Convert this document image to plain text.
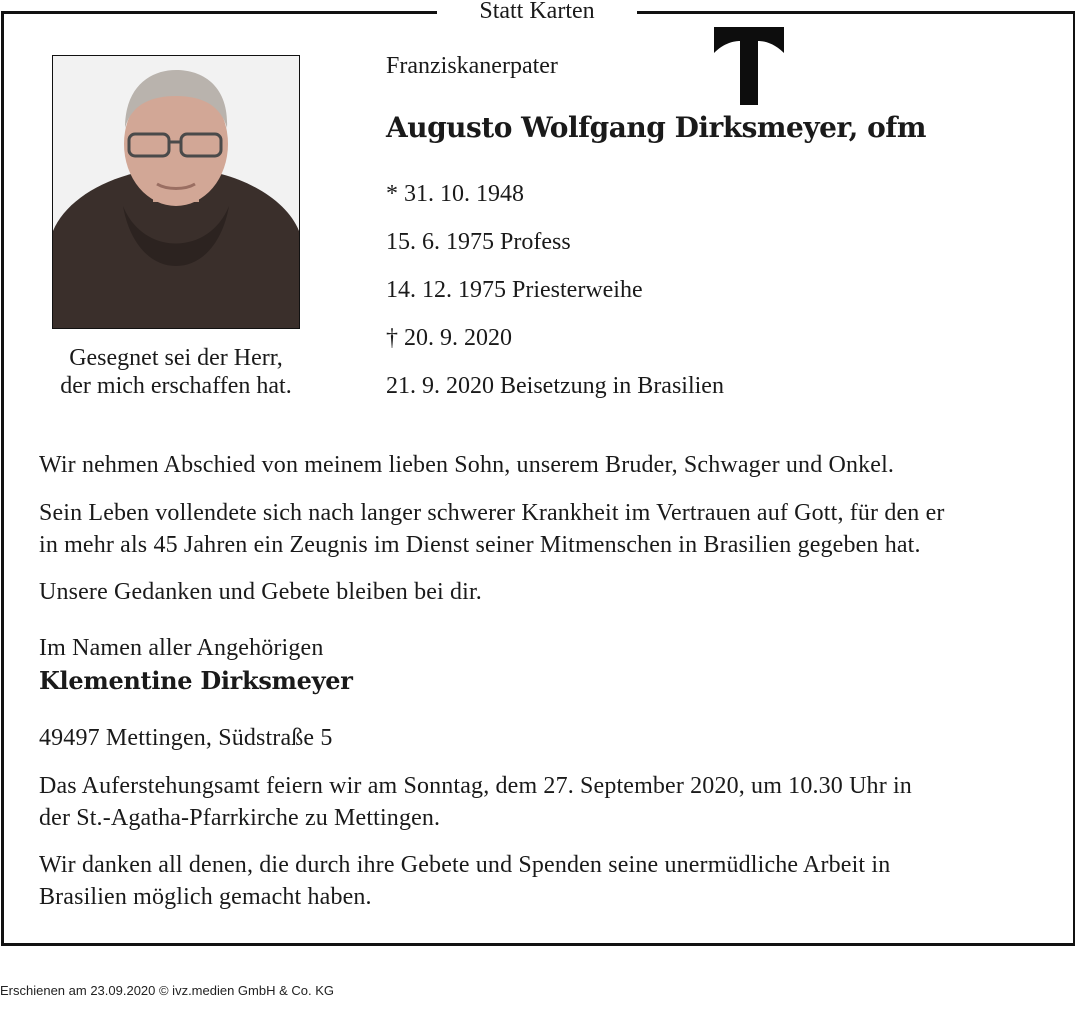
Statt Karten
Gesegnet sei der Herr,
der mich erschaffen hat.
Franziskanerpater
Augusto Wolfgang Dirksmeyer, ofm
* 31. 10. 1948
15. 6. 1975 Profess
14. 12. 1975 Priesterweihe
† 20. 9. 2020
21. 9. 2020 Beisetzung in Brasilien
Wir nehmen Abschied von meinem lieben Sohn, unserem Bruder, Schwager und Onkel.
Sein Leben vollendete sich nach langer schwerer Krankheit im Vertrauen auf Gott, für den er
in mehr als 45 Jahren ein Zeugnis im Dienst seiner Mitmenschen in Brasilien gegeben hat.
Unsere Gedanken und Gebete bleiben bei dir.
Im Namen aller Angehörigen
Klementine Dirksmeyer
49497 Mettingen, Südstraße 5
Das Auferstehungsamt feiern wir am Sonntag, dem 27. September 2020, um 10.30 Uhr in
der St.-Agatha-Pfarrkirche zu Mettingen.
Wir danken all denen, die durch ihre Gebete und Spenden seine unermüdliche Arbeit in
Brasilien möglich gemacht haben.
Erschienen am 23.09.2020 © ivz.medien GmbH & Co. KG
